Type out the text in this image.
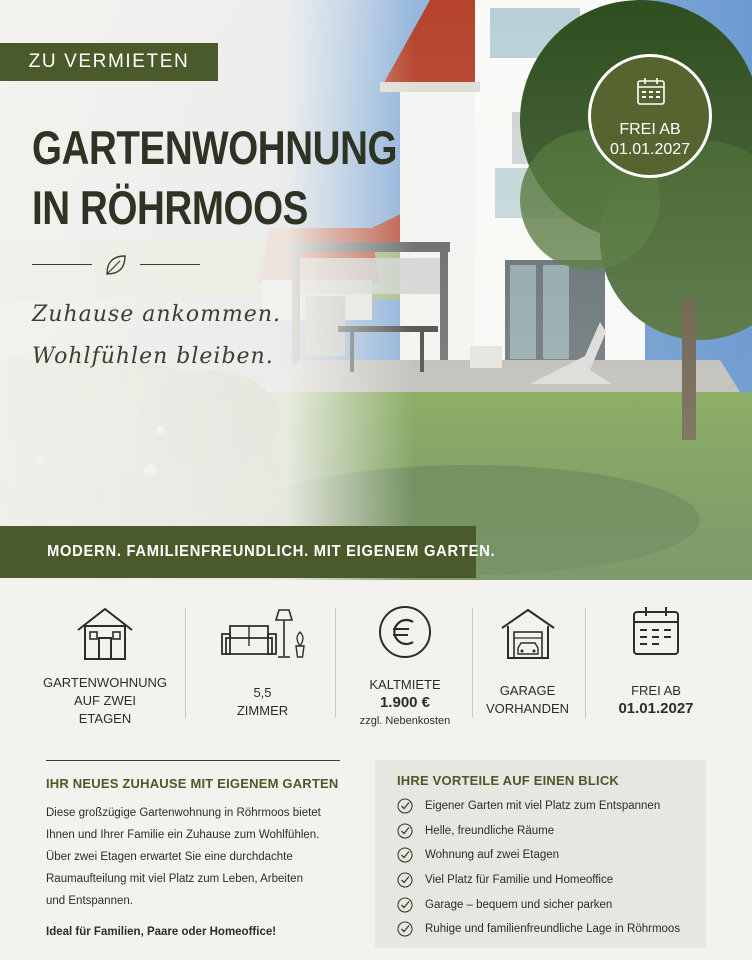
ZU VERMIETEN
GARTENWOHNUNG
IN RÖHRMOOS
Zuhause ankommen.
Wohlfühlen bleiben.
FREI AB
01.01.2027
MODERN. FAMILIENFREUNDLICH. MIT EIGENEM GARTEN.
GARTENWOHNUNG
AUF ZWEI
ETAGEN
5,5
ZIMMER
KALTMIETE
1.900 €
zzgl. Nebenkosten
GARAGE
VORHANDEN
FREI AB
01.01.2027
IHR NEUES ZUHAUSE MIT EIGENEM GARTEN
Diese großzügige Gartenwohnung in Röhrmoos bietet
Ihnen und Ihrer Familie ein Zuhause zum Wohlfühlen.
Über zwei Etagen erwartet Sie eine durchdachte
Raumaufteilung mit viel Platz zum Leben, Arbeiten
und Entspannen.
Ideal für Familien, Paare oder Homeoffice!
IHRE VORTEILE AUF EINEN BLICK
Eigener Garten mit viel Platz zum Entspannen
Helle, freundliche Räume
Wohnung auf zwei Etagen
Viel Platz für Familie und Homeoffice
Garage – bequem und sicher parken
Ruhige und familienfreundliche Lage in Röhrmoos
